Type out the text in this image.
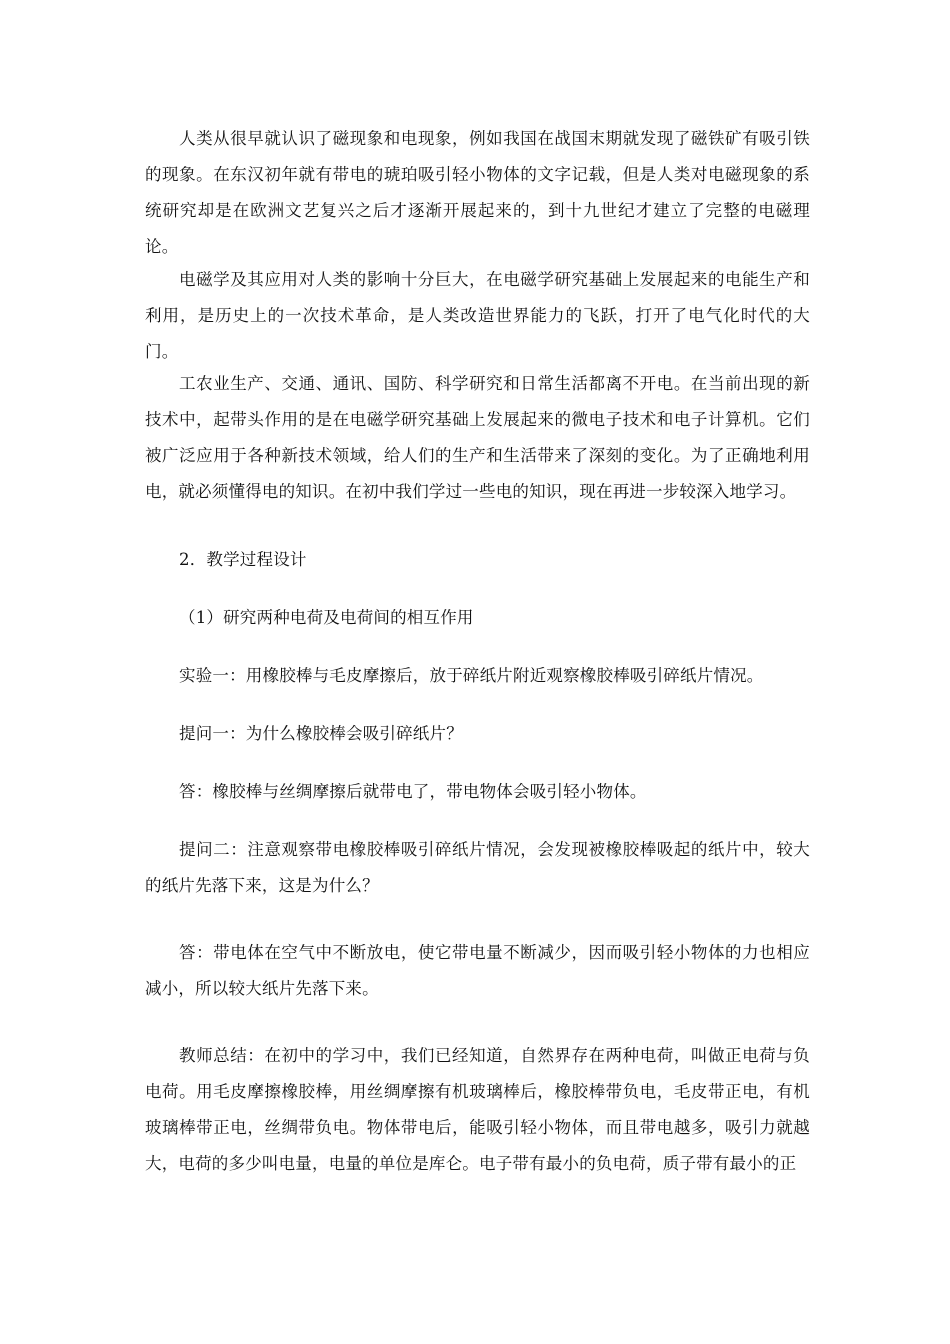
人类从很早就认识了磁现象和电现象，例如我国在战国末期就发现了磁铁矿有吸引铁的现象。在东汉初年就有带电的琥珀吸引轻小物体的文字记载，但是人类对电磁现象的系统研究却是在欧洲文艺复兴之后才逐渐开展起来的，到十九世纪才建立了完整的电磁理论。

电磁学及其应用对人类的影响十分巨大，在电磁学研究基础上发展起来的电能生产和利用，是历史上的一次技术革命，是人类改造世界能力的飞跃，打开了电气化时代的大门。

工农业生产、交通、通讯、国防、科学研究和日常生活都离不开电。在当前出现的新技术中，起带头作用的是在电磁学研究基础上发展起来的微电子技术和电子计算机。它们被广泛应用于各种新技术领域，给人们的生产和生活带来了深刻的变化。为了正确地利用电，就必须懂得电的知识。在初中我们学过一些电的知识，现在再进一步较深入地学习。

2．教学过程设计

（1）研究两种电荷及电荷间的相互作用

实验一：用橡胶棒与毛皮摩擦后，放于碎纸片附近观察橡胶棒吸引碎纸片情况。

提问一：为什么橡胶棒会吸引碎纸片？

答：橡胶棒与丝绸摩擦后就带电了，带电物体会吸引轻小物体。

提问二：注意观察带电橡胶棒吸引碎纸片情况，会发现被橡胶棒吸起的纸片中，较大的纸片先落下来，这是为什么？

答：带电体在空气中不断放电，使它带电量不断减少，因而吸引轻小物体的力也相应减小，所以较大纸片先落下来。

教师总结：在初中的学习中，我们已经知道，自然界存在两种电荷，叫做正电荷与负电荷。用毛皮摩擦橡胶棒，用丝绸摩擦有机玻璃棒后，橡胶棒带负电，毛皮带正电，有机玻璃棒带正电，丝绸带负电。物体带电后，能吸引轻小物体，而且带电越多，吸引力就越大，电荷的多少叫电量，电量的单位是库仑。电子带有最小的负电荷，质子带有最小的正
